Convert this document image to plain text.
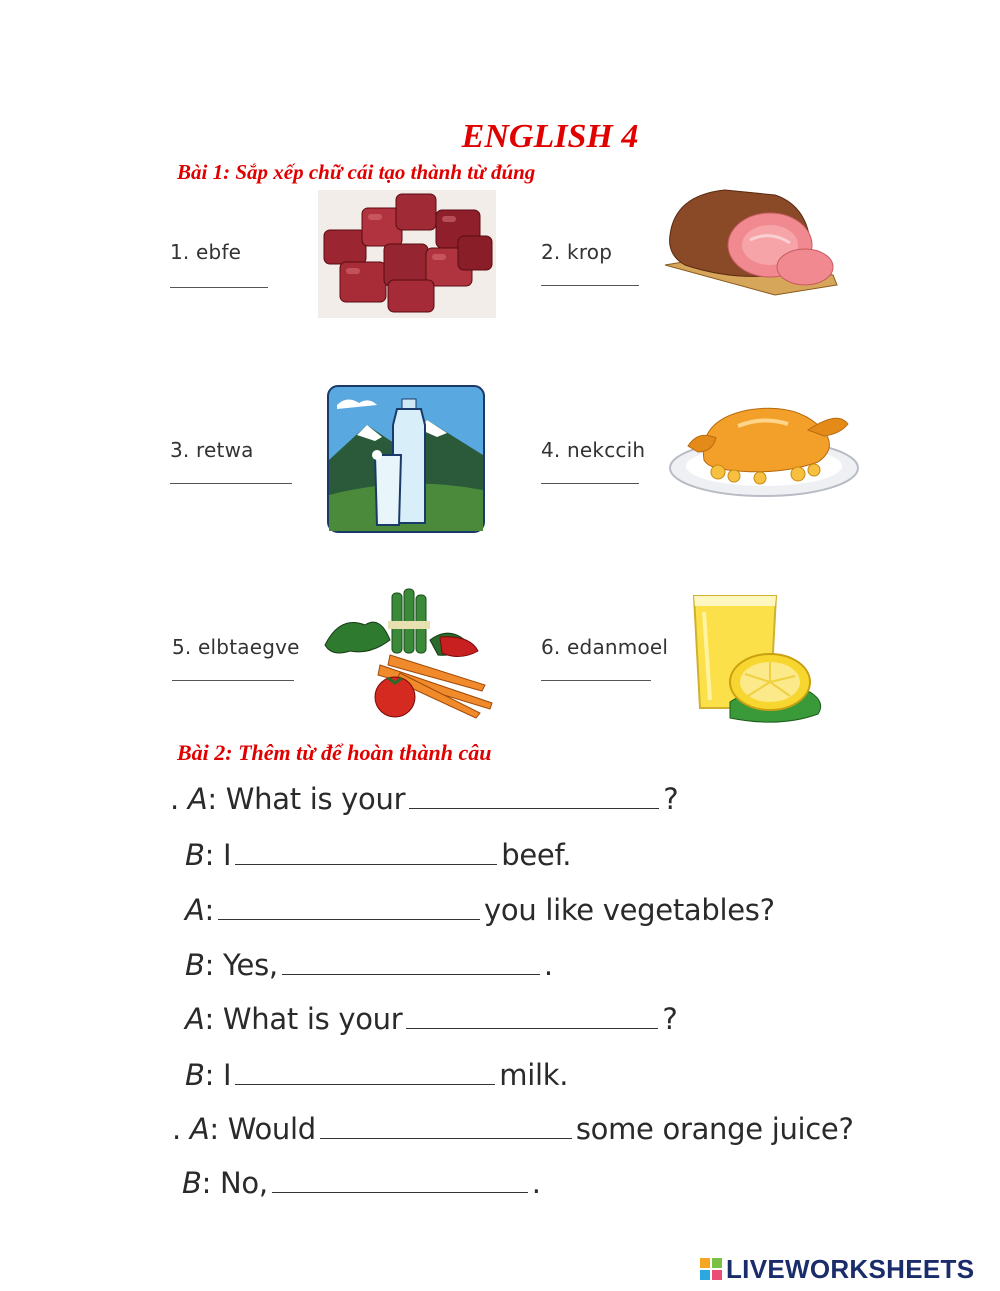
ENGLISH 4
Bài 1: Sắp xếp chữ cái tạo thành từ đúng
1. ebfe	2. krop
3. retwa	4. nekccih
5. elbtaegve	6. edanmoel
Bài 2: Thêm từ để hoàn thành câu
. A: What is your	?
B: I	beef.
A:	you like vegetables?
B: Yes,	.
A: What is your	?
B: I	milk.
. A: Would	some orange juice?
B: No,	.
LIVEWORKSHEETS
